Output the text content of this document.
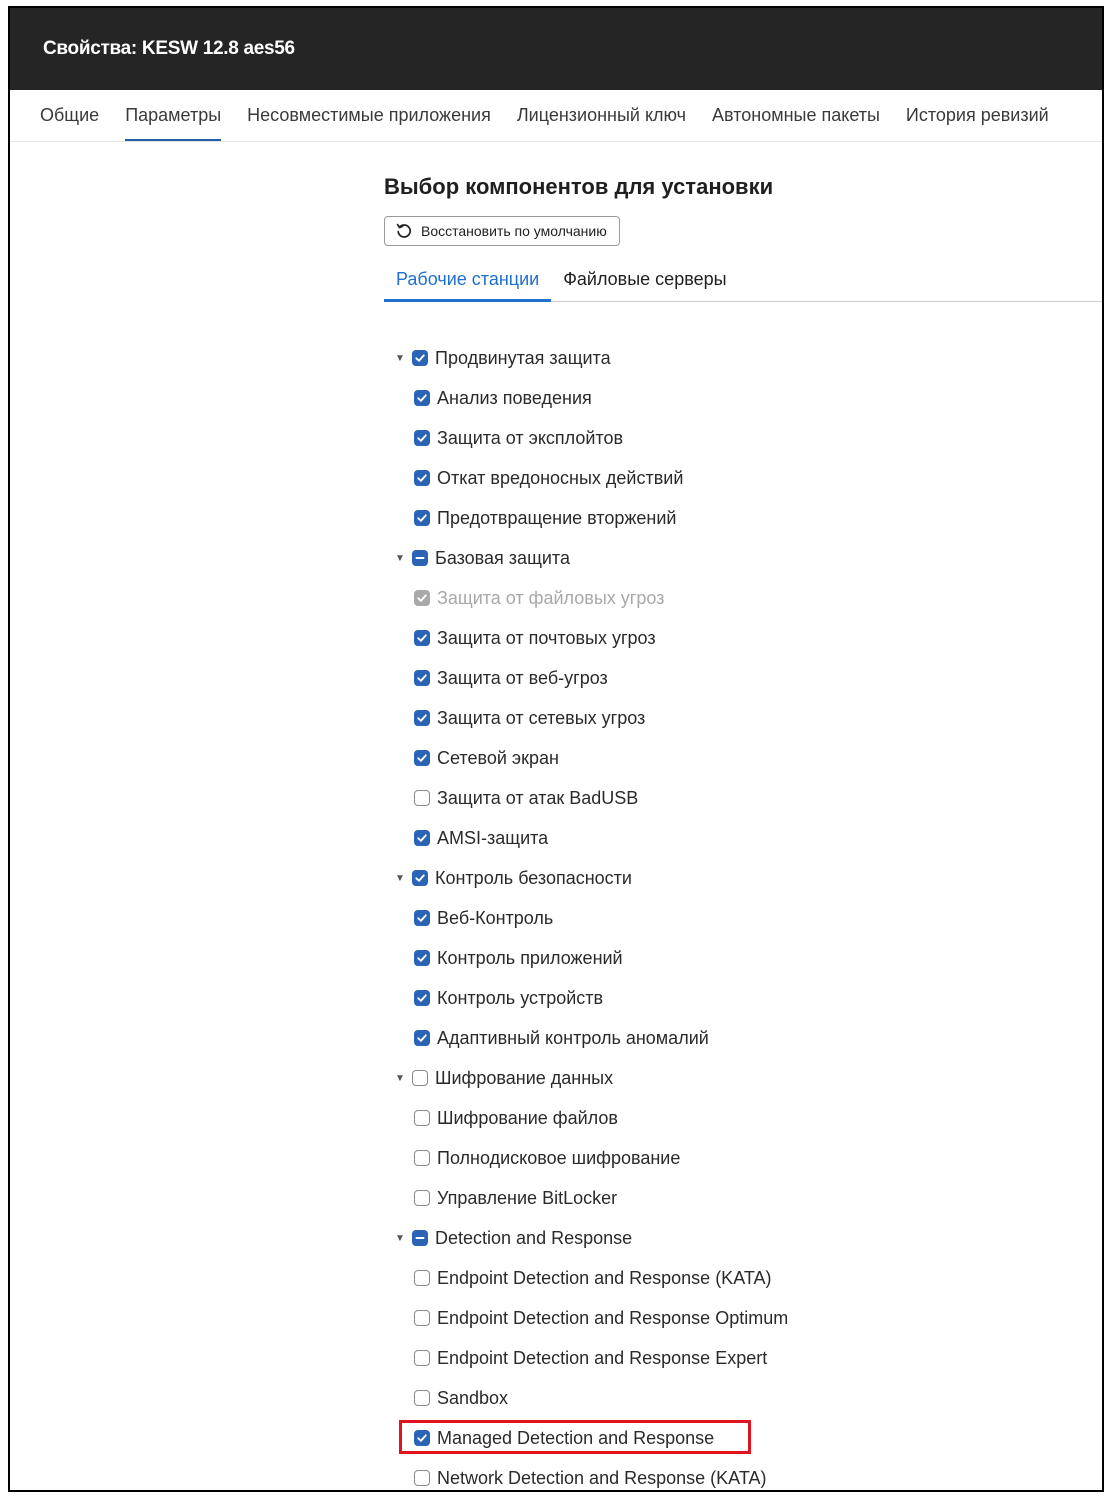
Свойства: KESW 12.8 aes56
Общие Параметры Несовместимые приложения Лицензионный ключ Автономные пакеты История ревизий
Выбор компонентов для установки
Восстановить по умолчанию
Рабочие станции	Файловые серверы
▼ Продвинутая защита
Анализ поведения
Защита от эксплойтов
Откат вредоносных действий
Предотвращение вторжений
▼ Базовая защита
Защита от файловых угроз
Защита от почтовых угроз
Защита от веб-угроз
Защита от сетевых угроз
Сетевой экран
Защита от атак BadUSB
AMSI-защита
▼ Контроль безопасности
Веб-Контроль
Контроль приложений
Контроль устройств
Адаптивный контроль аномалий
▼ Шифрование данных
Шифрование файлов
Полнодисковое шифрование
Управление BitLocker
▼ Detection and Response
Endpoint Detection and Response (KATA)
Endpoint Detection and Response Optimum
Endpoint Detection and Response Expert
Sandbox
Managed Detection and Response
Network Detection and Response (KATA)
